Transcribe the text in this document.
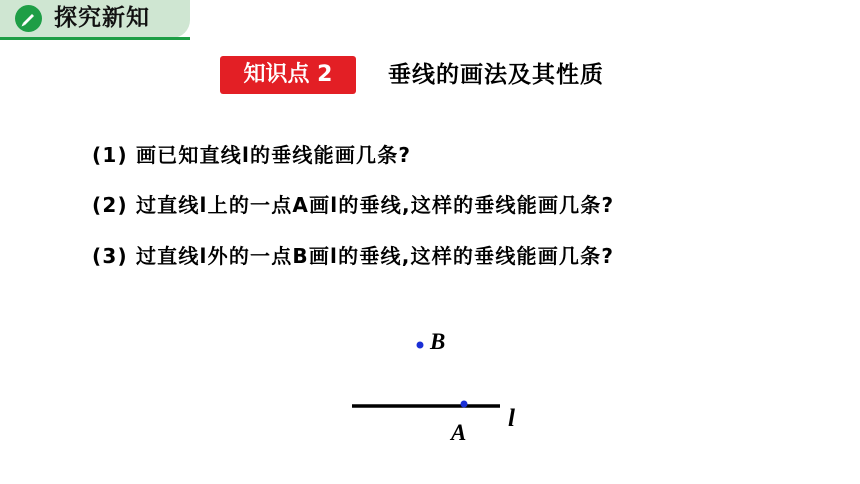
探究新知
知识点 2	垂线的画法及其性质
(1) 画已知直线l的垂线能画几条?
(2) 过直线l上的一点A画l的垂线,这样的垂线能画几条?
(3) 过直线l外的一点B画l的垂线,这样的垂线能画几条?
B
A
l
